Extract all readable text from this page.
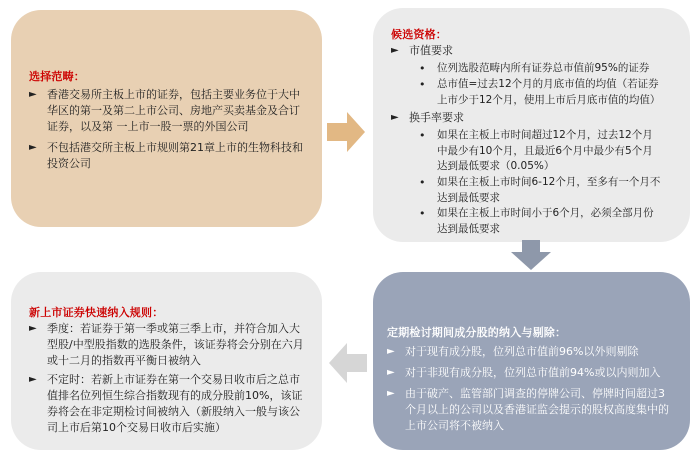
选择范畴：
► 香港交易所主板上市的证券，包括主要业务位于大中
华区的第一及第二上市公司、房地产买卖基金及合订
证券，以及第 一上市一股一票的外国公司
► 不包括港交所主板上市规则第21章上市的生物科技和
投资公司
候选资格：
► 市值要求
• 位列选股范畴内所有证券总市值前95%的证券
• 总市值=过去12个月的月底市值的均值（若证券
上市少于12个月，使用上市后月底市值的均值）
► 换手率要求
• 如果在主板上市时间超过12个月，过去12个月
中最少有10个月，且最近6个月中最少有5个月
达到最低要求（0.05%）
• 如果在主板上市时间6-12个月，至多有一个月不
达到最低要求
• 如果在主板上市时间小于6个月，必须全部月份
达到最低要求
新上市证券快速纳入规则：
► 季度：若证券于第一季或第三季上市，并符合加入大
型股/中型股指数的选股条件，该证券将会分别在六月
或十二月的指数再平衡日被纳入
► 不定时：若新上市证券在第一个交易日收市后之总市
值排名位列恒生综合指数现有的成分股前10%，该证
券将会在非定期检讨间被纳入（新股纳入一般与该公
司上市后第10个交易日收市后实施）
定期检讨期间成分股的纳入与剔除：
► 对于现有成分股，位列总市值前96%以外则剔除
► 对于非现有成分股，位列总市值前94%或以内则加入
► 由于破产、监管部门调查的停牌公司、停牌时间超过3
个月以上的公司以及香港证监会提示的股权高度集中的
上市公司将不被纳入
